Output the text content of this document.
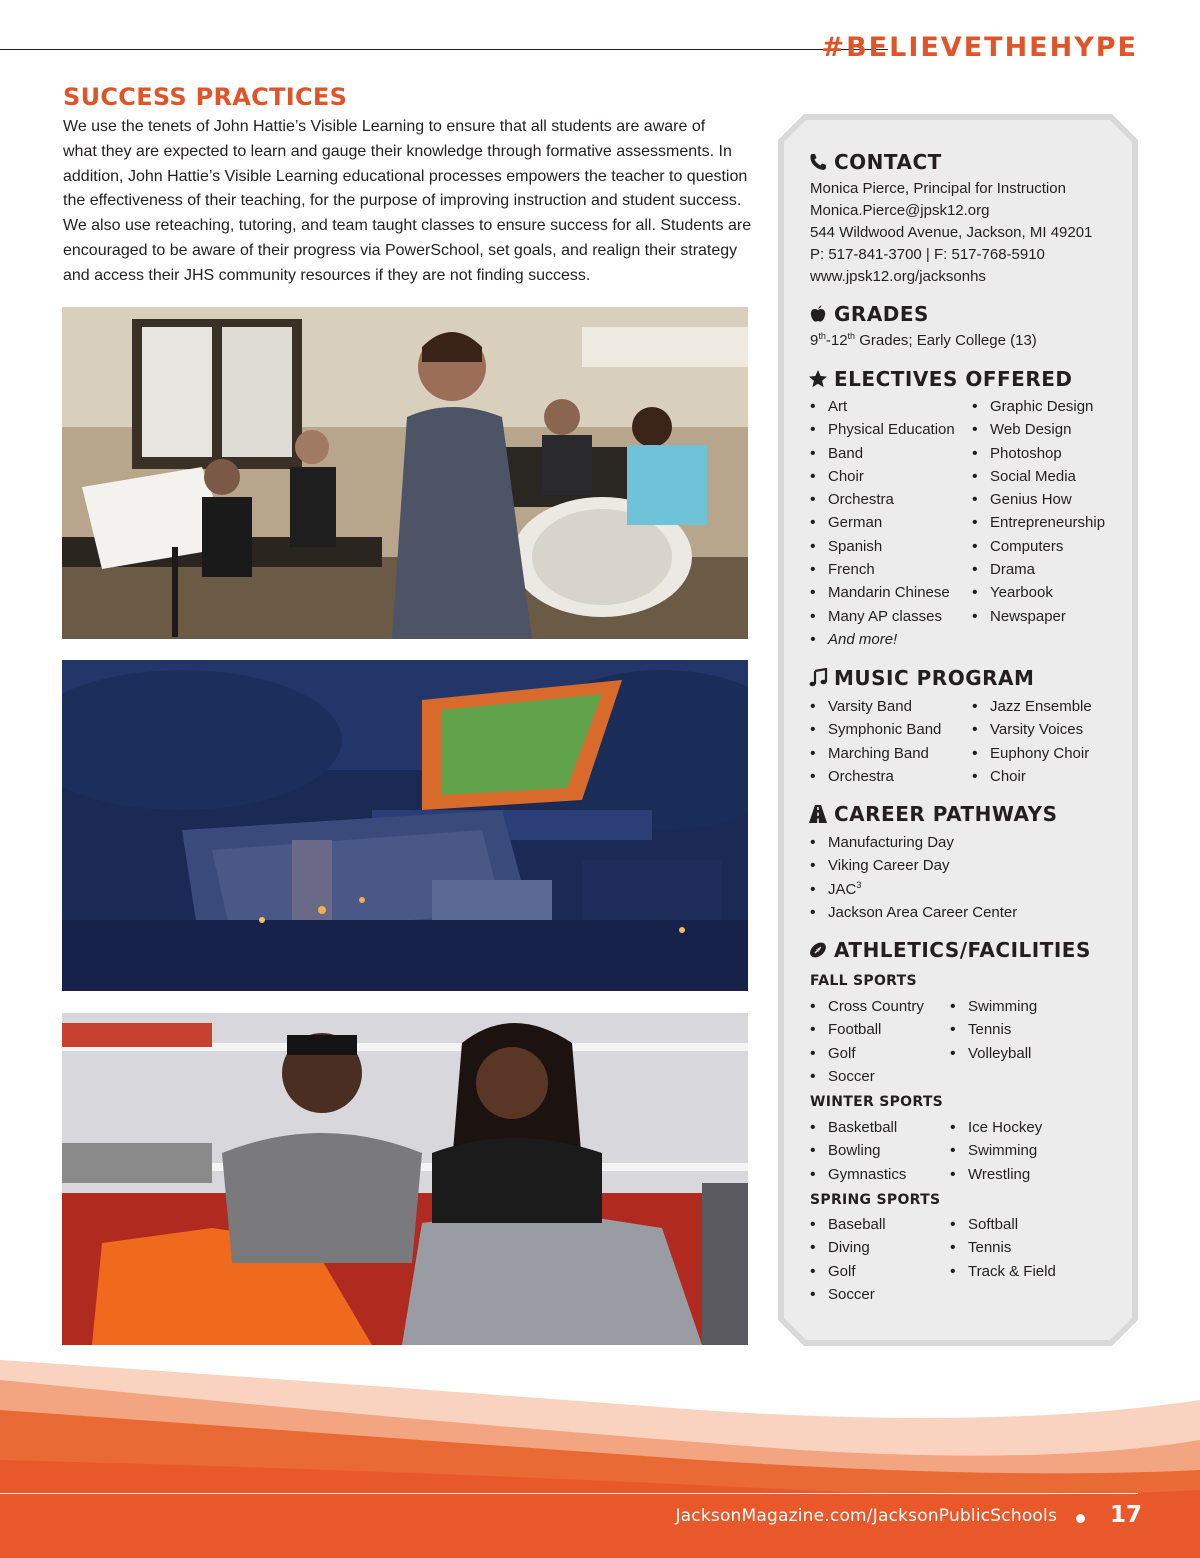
#BELIEVETHEHYPE
SUCCESS PRACTICES
We use the tenets of John Hattie’s Visible Learning to ensure that all students are aware of
what they are expected to learn and gauge their knowledge through formative assessments. In
addition, John Hattie’s Visible Learning educational processes empowers the teacher to question
the effectiveness of their teaching, for the purpose of improving instruction and student success.
We also use reteaching, tutoring, and team taught classes to ensure success for all. Students are
encouraged to be aware of their progress via PowerSchool, set goals, and realign their strategy
and access their JHS community resources if they are not finding success.
CONTACT
Monica Pierce, Principal for Instruction
Monica.Pierce@jpsk12.org
544 Wildwood Avenue, Jackson, MI 49201
P: 517-841-3700 | F: 517-768-5910
www.jpsk12.org/jacksonhs
GRADES
9th-12th Grades; Early College (13)
ELECTIVES OFFERED
• Art
• Physical Education
• Band
• Choir
• Orchestra
• German
• Spanish
• French
• Mandarin Chinese
• Many AP classes
• And more!
• Graphic Design
• Web Design
• Photoshop
• Social Media
• Genius How
• Entrepreneurship
• Computers
• Drama
• Yearbook
• Newspaper
MUSIC PROGRAM
• Varsity Band
• Symphonic Band
• Marching Band
• Orchestra
• Jazz Ensemble
• Varsity Voices
• Euphony Choir
• Choir
CAREER PATHWAYS
• Manufacturing Day
• Viking Career Day
• JAC$^3$
• Jackson Area Career Center
ATHLETICS/FACILITIES
FALL SPORTS
• Cross Country
• Football
• Golf
• Soccer
• Swimming
• Tennis
• Volleyball
WINTER SPORTS
• Basketball
• Bowling
• Gymnastics
• Ice Hockey
• Swimming
• Wrestling
SPRING SPORTS
• Baseball
• Diving
• Golf
• Soccer
• Softball
• Tennis
• Track & Field
JacksonMagazine.com/JacksonPublicSchools 17
